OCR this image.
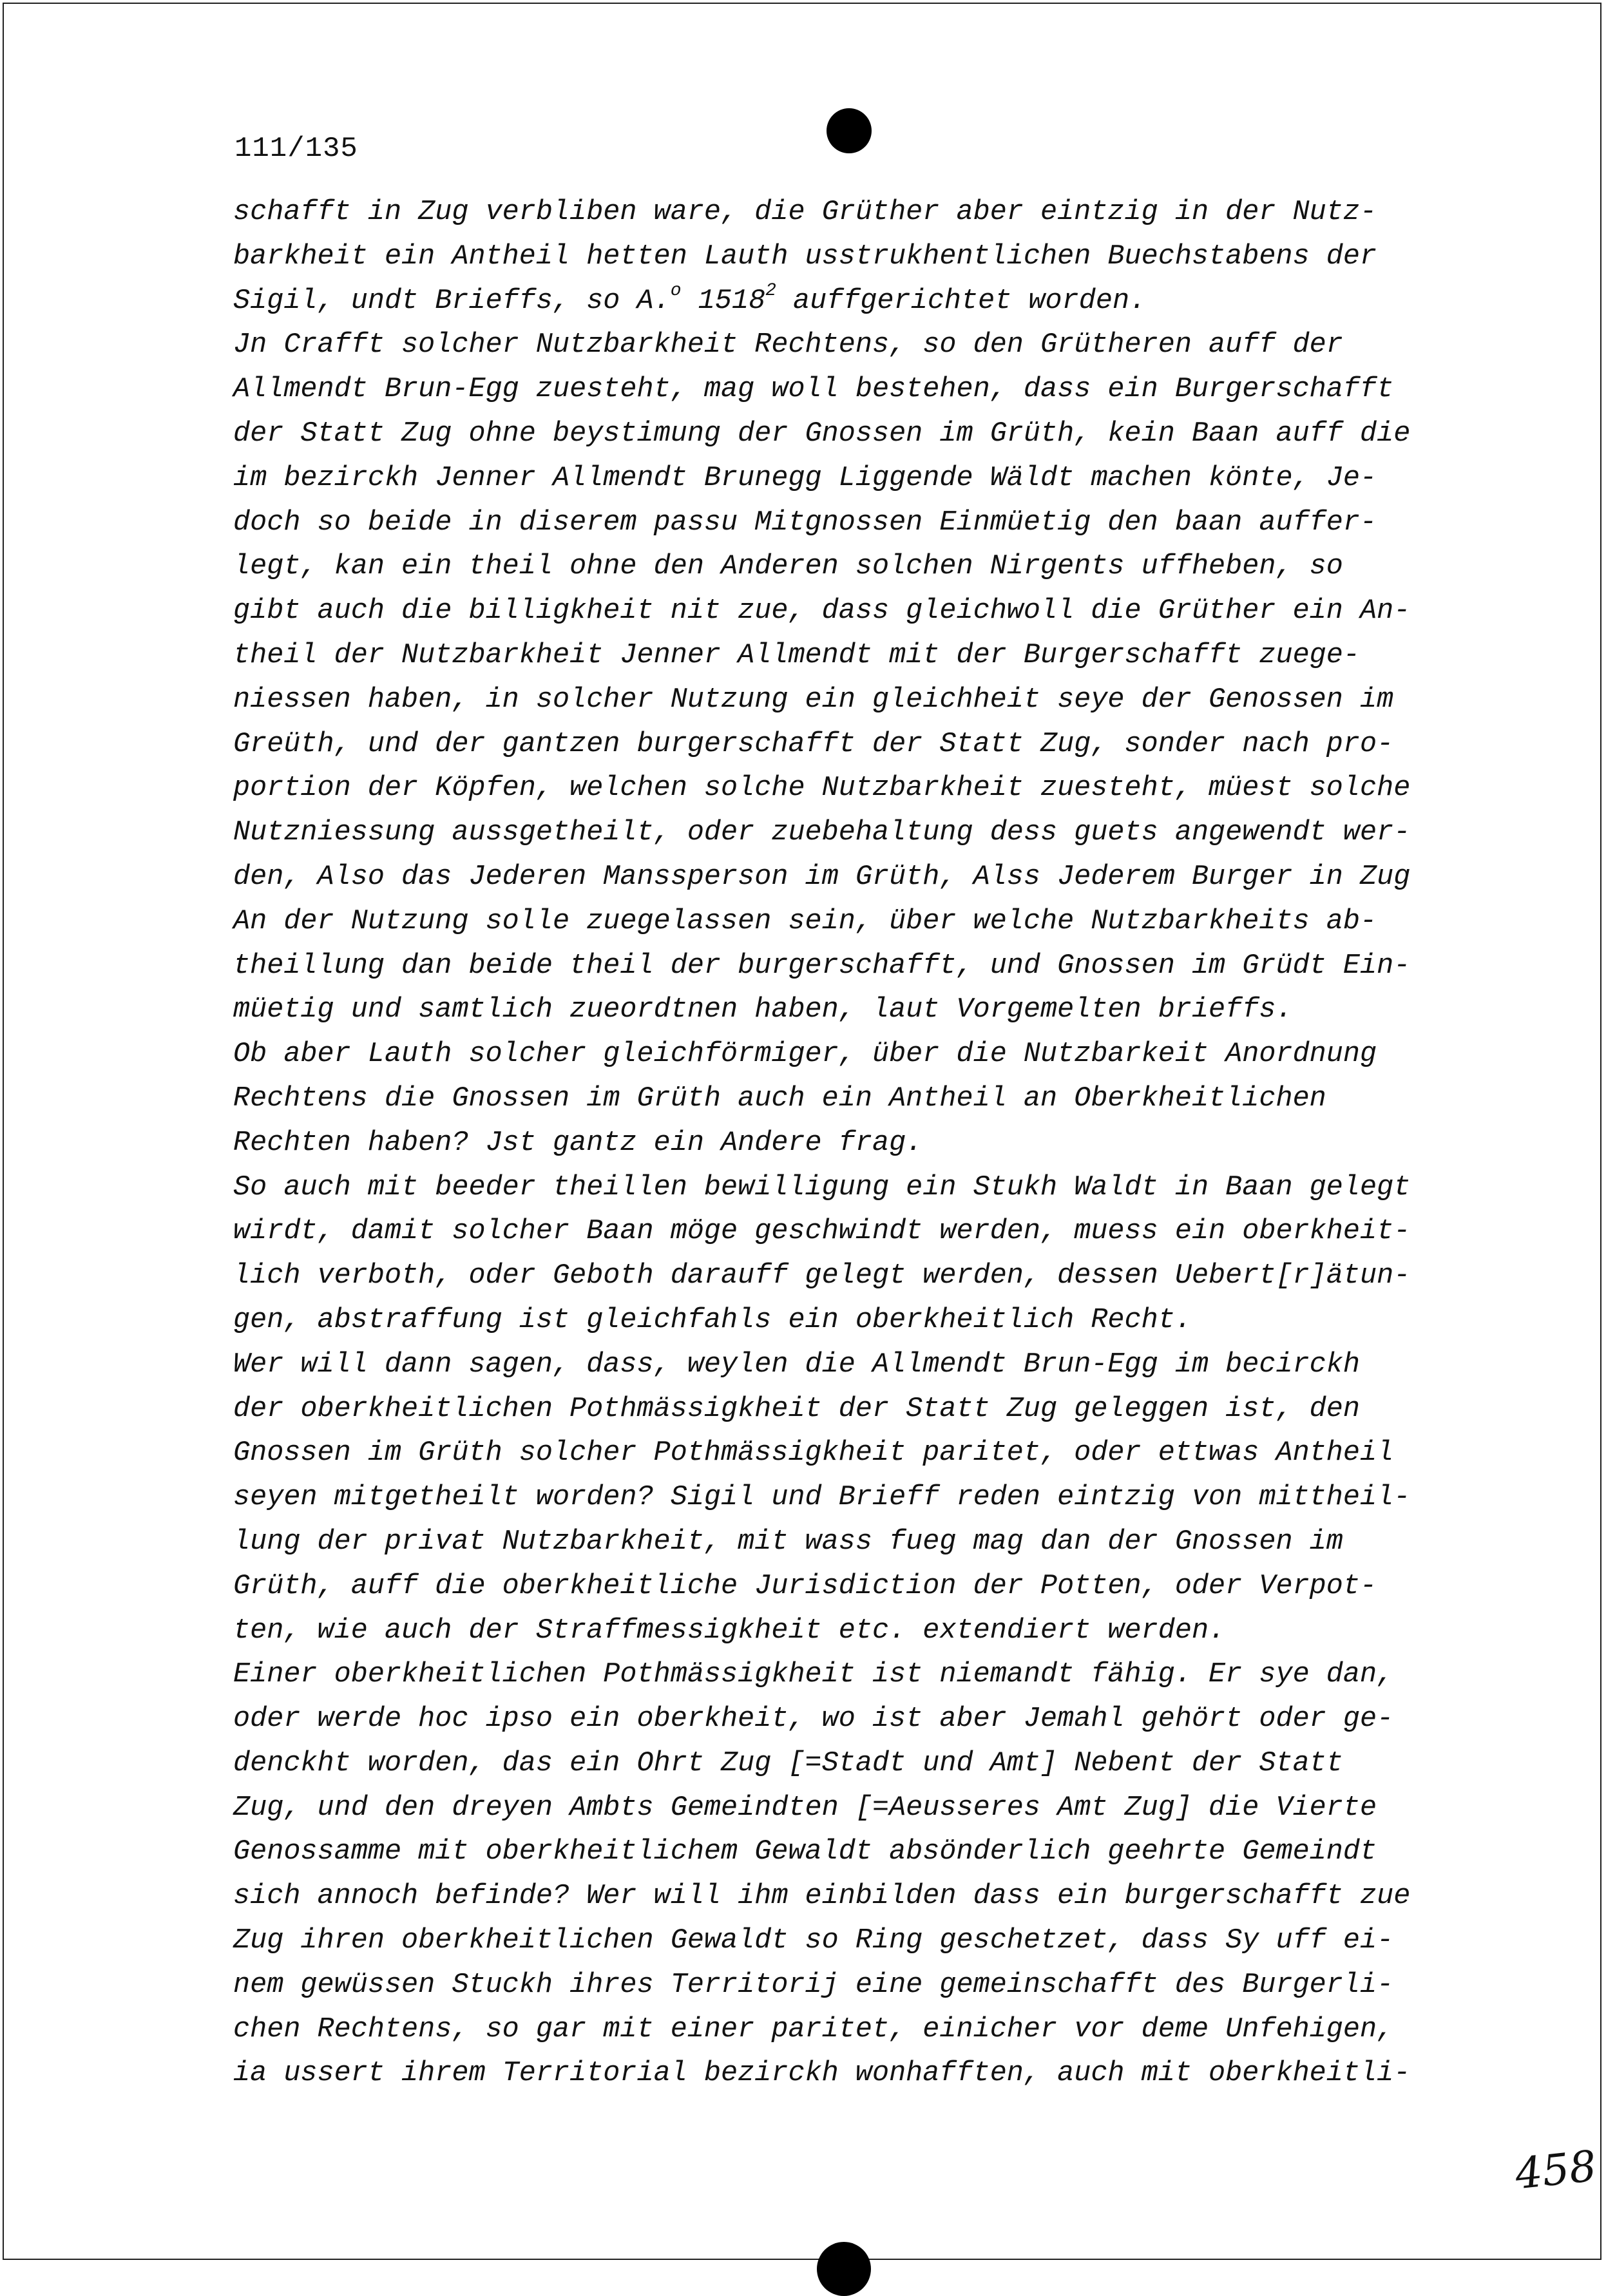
111/135
schafft in Zug verbliben ware, die Grüther aber eintzig in der Nutz-
barkheit ein Antheil hetten Lauth usstrukhentlichen Buechstabens der
Sigil, undt Brieffs, so A.$^o$ 1518$^2$ auffgerichtet worden.
Jn Crafft solcher Nutzbarkheit Rechtens, so den Grütheren auff der
Allmendt Brun-Egg zuesteht, mag woll bestehen, dass ein Burgerschafft
der Statt Zug ohne beystimung der Gnossen im Grüth, kein Baan auff die
im bezirckh Jenner Allmendt Brunegg Liggende Wäldt machen könte, Je-
doch so beide in diserem passu Mitgnossen Einmüetig den baan auffer-
legt, kan ein theil ohne den Anderen solchen Nirgents uffheben, so
gibt auch die billigkheit nit zue, dass gleichwoll die Grüther ein An-
theil der Nutzbarkheit Jenner Allmendt mit der Burgerschafft zuege-
niessen haben, in solcher Nutzung ein gleichheit seye der Genossen im
Greüth, und der gantzen burgerschafft der Statt Zug, sonder nach pro-
portion der Köpfen, welchen solche Nutzbarkheit zuesteht, müest solche
Nutzniessung aussgetheilt, oder zuebehaltung dess guets angewendt wer-
den, Also das Jederen Manssperson im Grüth, Alss Jederem Burger in Zug
An der Nutzung solle zuegelassen sein, über welche Nutzbarkheits ab-
theillung dan beide theil der burgerschafft, und Gnossen im Grüdt Ein-
müetig und samtlich zueordtnen haben, laut Vorgemelten brieffs.
Ob aber Lauth solcher gleichförmiger, über die Nutzbarkeit Anordnung
Rechtens die Gnossen im Grüth auch ein Antheil an Oberkheitlichen
Rechten haben? Jst gantz ein Andere frag.
So auch mit beeder theillen bewilligung ein Stukh Waldt in Baan gelegt
wirdt, damit solcher Baan möge geschwindt werden, muess ein oberkheit-
lich verboth, oder Geboth darauff gelegt werden, dessen Uebert[r]ätun-
gen, abstraffung ist gleichfahls ein oberkheitlich Recht.
Wer will dann sagen, dass, weylen die Allmendt Brun-Egg im becirckh
der oberkheitlichen Pothmässigkheit der Statt Zug geleggen ist, den
Gnossen im Grüth solcher Pothmässigkheit paritet, oder ettwas Antheil
seyen mitgetheilt worden? Sigil und Brieff reden eintzig von mittheil-
lung der privat Nutzbarkheit, mit wass fueg mag dan der Gnossen im
Grüth, auff die oberkheitliche Jurisdiction der Potten, oder Verpot-
ten, wie auch der Straffmessigkheit etc. extendiert werden.
Einer oberkheitlichen Pothmässigkheit ist niemandt fähig. Er sye dan,
oder werde hoc ipso ein oberkheit, wo ist aber Jemahl gehört oder ge-
denckht worden, das ein Ohrt Zug [=Stadt und Amt] Nebent der Statt
Zug, und den dreyen Ambts Gemeindten [=Aeusseres Amt Zug] die Vierte
Genossamme mit oberkheitlichem Gewaldt absönderlich geehrte Gemeindt
sich annoch befinde? Wer will ihm einbilden dass ein burgerschafft zue
Zug ihren oberkheitlichen Gewaldt so Ring geschetzet, dass Sy uff ei-
nem gewüssen Stuckh ihres Territorij eine gemeinschafft des Burgerli-
chen Rechtens, so gar mit einer paritet, einicher vor deme Unfehigen,
ia ussert ihrem Territorial bezirckh wonhafften, auch mit oberkheitli-
458
